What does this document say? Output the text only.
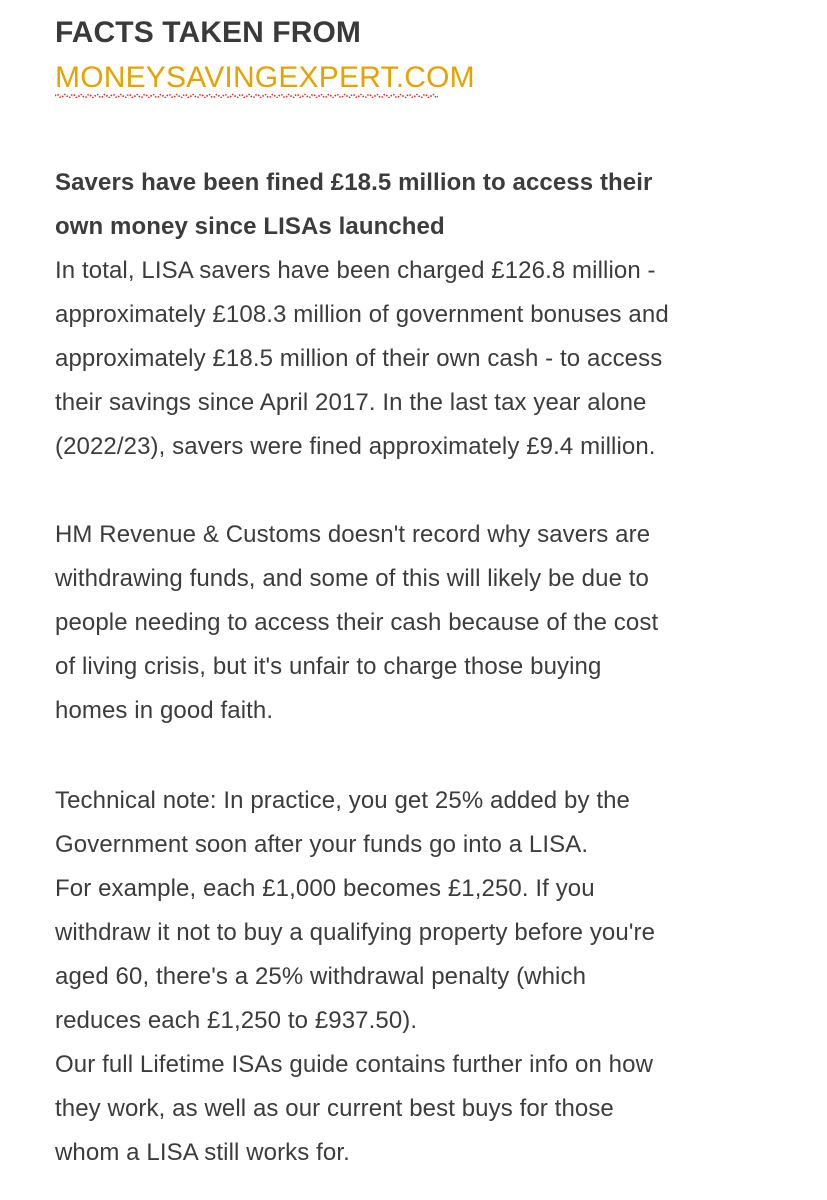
FACTS TAKEN FROM
MONEYSAVINGEXPERT.COM
Savers have been fined £18.5 million to access their
own money since LISAs launched
In total, LISA savers have been charged £126.8 million -
approximately £108.3 million of government bonuses and
approximately £18.5 million of their own cash - to access
their savings since April 2017. In the last tax year alone
(2022/23), savers were fined approximately £9.4 million.
HM Revenue & Customs doesn't record why savers are
withdrawing funds, and some of this will likely be due to
people needing to access their cash because of the cost
of living crisis, but it's unfair to charge those buying
homes in good faith.
Technical note: In practice, you get 25% added by the
Government soon after your funds go into a LISA.
For example, each £1,000 becomes £1,250. If you
withdraw it not to buy a qualifying property before you're
aged 60, there's a 25% withdrawal penalty (which
reduces each £1,250 to £937.50).
Our full Lifetime ISAs guide contains further info on how
they work, as well as our current best buys for those
whom a LISA still works for.
